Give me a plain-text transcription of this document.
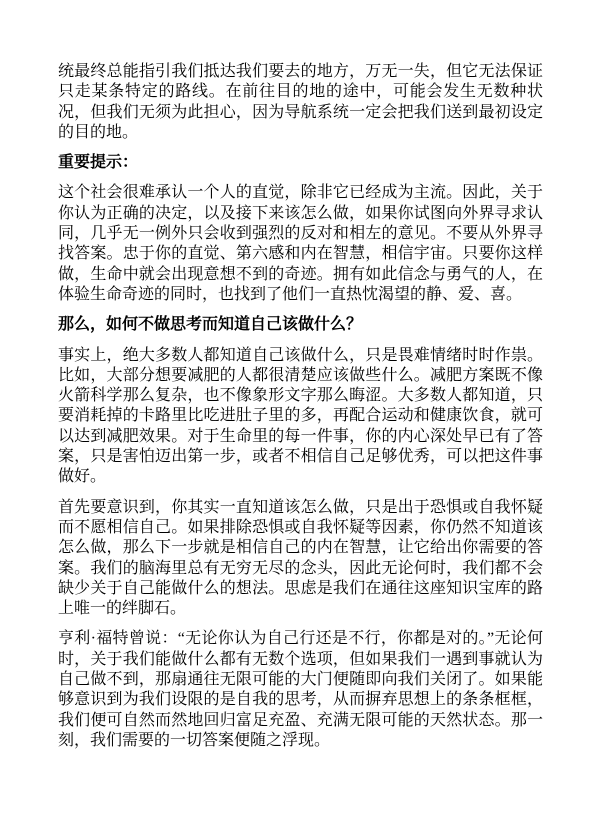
统最终总能指引我们抵达我们要去的地方，万无一失，但它无法保证只走某条特定的路线。在前往目的地的途中，可能会发生无数种状况，但我们无须为此担心，因为导航系统一定会把我们送到最初设定的目的地。

重要提示：

这个社会很难承认一个人的直觉，除非它已经成为主流。因此，关于你认为正确的决定，以及接下来该怎么做，如果你试图向外界寻求认同，几乎无一例外只会收到强烈的反对和相左的意见。不要从外界寻找答案。忠于你的直觉、第六感和内在智慧，相信宇宙。只要你这样做，生命中就会出现意想不到的奇迹。拥有如此信念与勇气的人，在体验生命奇迹的同时，也找到了他们一直热忱渴望的静、爱、喜。

那么，如何不做思考而知道自己该做什么？

事实上，绝大多数人都知道自己该做什么，只是畏难情绪时时作祟。比如，大部分想要减肥的人都很清楚应该做些什么。减肥方案既不像火箭科学那么复杂，也不像象形文字那么晦涩。大多数人都知道，只要消耗掉的卡路里比吃进肚子里的多，再配合运动和健康饮食，就可以达到减肥效果。对于生命里的每一件事，你的内心深处早已有了答案，只是害怕迈出第一步，或者不相信自己足够优秀，可以把这件事做好。

首先要意识到，你其实一直知道该怎么做，只是出于恐惧或自我怀疑而不愿相信自己。如果排除恐惧或自我怀疑等因素，你仍然不知道该怎么做，那么下一步就是相信自己的内在智慧，让它给出你需要的答案。我们的脑海里总有无穷无尽的念头，因此无论何时，我们都不会缺少关于自己能做什么的想法。思虑是我们在通往这座知识宝库的路上唯一的绊脚石。

亨利·福特曾说：“无论你认为自己行还是不行，你都是对的。”无论何时，关于我们能做什么都有无数个选项，但如果我们一遇到事就认为自己做不到，那扇通往无限可能的大门便随即向我们关闭了。如果能够意识到为我们设限的是自我的思考，从而摒弃思想上的条条框框，我们便可自然而然地回归富足充盈、充满无限可能的天然状态。那一刻，我们需要的一切答案便随之浮现。
